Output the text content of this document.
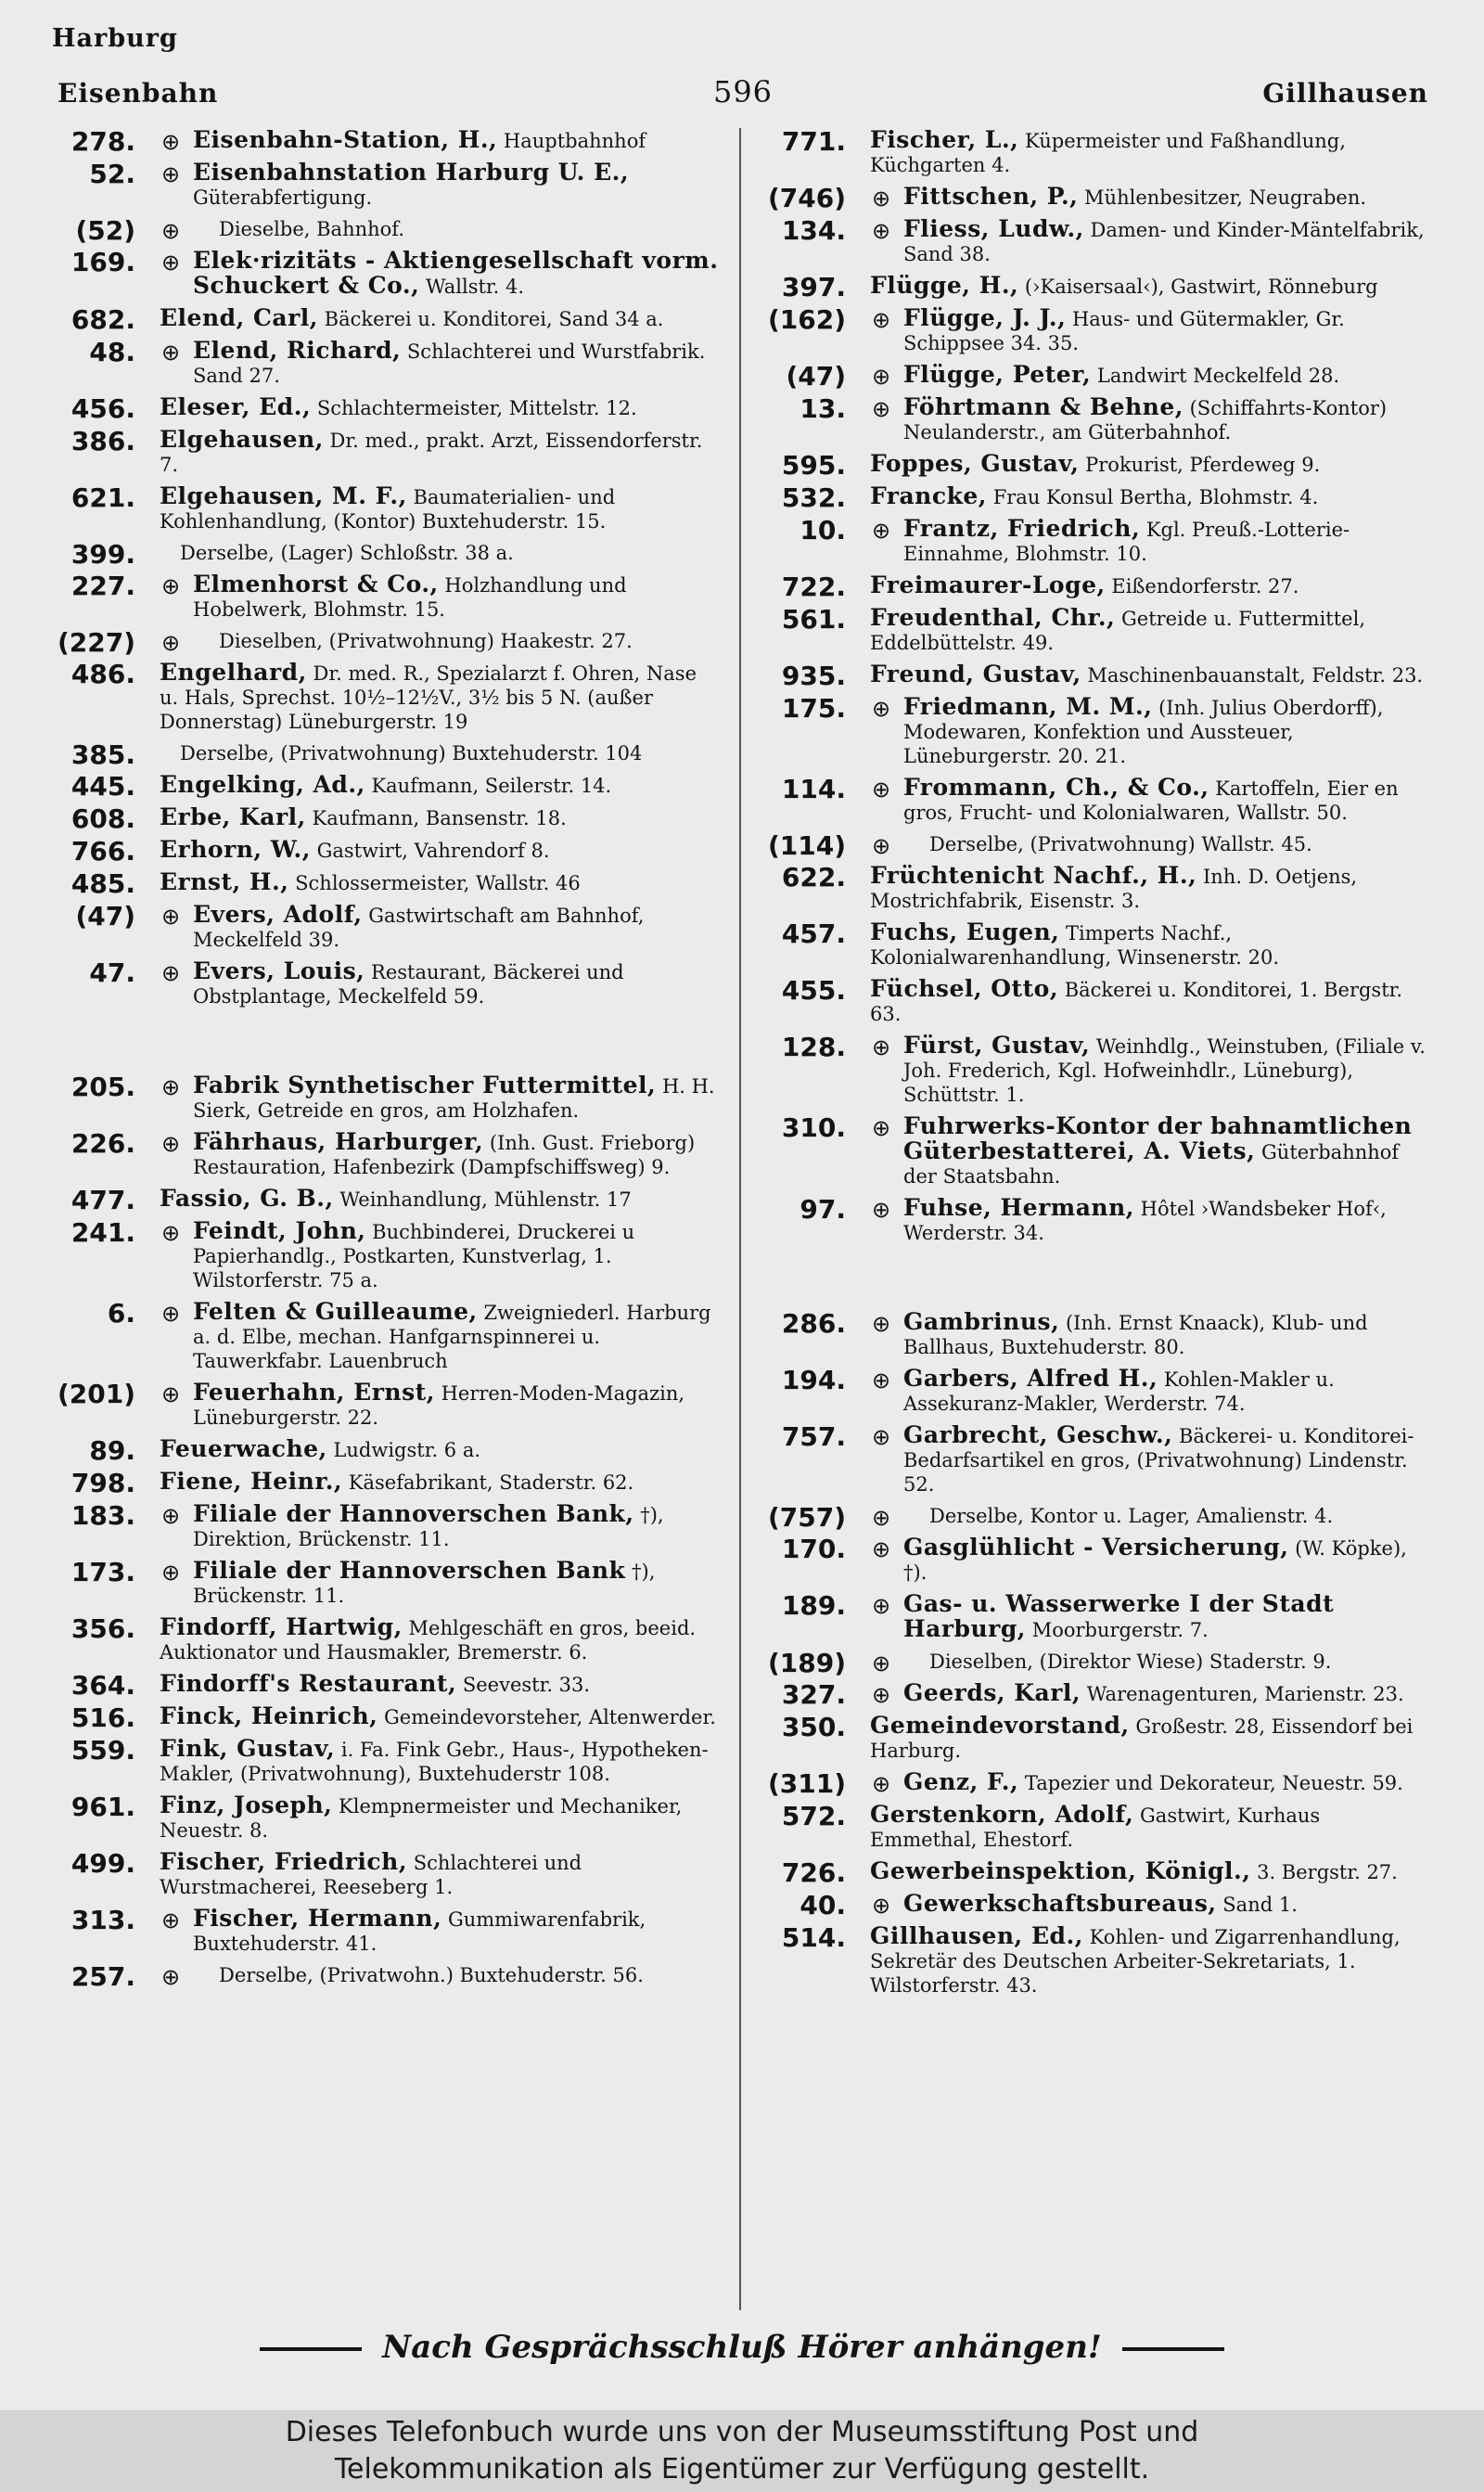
Harburg
Eisenbahn	596	Gillhausen
278. ⊕ Eisenbahn-Station, H., Hauptbahnhof
52. ⊕ Eisenbahnstation Harburg U. E., Güterabfertigung.
(52) ⊕ Dieselbe, Bahnhof.
169. ⊕ Elek·rizitäts - Aktiengesellschaft vorm. Schuckert & Co., Wallstr. 4.
682. Elend, Carl, Bäckerei u. Konditorei, Sand 34 a.
48. ⊕ Elend, Richard, Schlachterei und Wurstfabrik. Sand 27.
456. Eleser, Ed., Schlachtermeister, Mittelstr. 12.
386. Elgehausen, Dr. med., prakt. Arzt, Eissendorferstr. 7.
621. Elgehausen, M. F., Baumaterialien- und Kohlenhandlung, (Kontor) Buxtehuderstr. 15.
399. Derselbe, (Lager) Schloßstr. 38 a.
227. ⊕ Elmenhorst & Co., Holzhandlung und Hobelwerk, Blohmstr. 15.
(227) ⊕ Dieselben, (Privatwohnung) Haakestr. 27.
486. Engelhard, Dr. med. R., Spezialarzt f. Ohren, Nase u. Hals, Sprechst. 10½–12½V., 3½ bis 5 N. (außer Donnerstag) Lüneburgerstr. 19
385. Derselbe, (Privatwohnung) Buxtehuderstr. 104
445. Engelking, Ad., Kaufmann, Seilerstr. 14.
608. Erbe, Karl, Kaufmann, Bansenstr. 18.
766. Erhorn, W., Gastwirt, Vahrendorf 8.
485. Ernst, H., Schlossermeister, Wallstr. 46
(47) ⊕ Evers, Adolf, Gastwirtschaft am Bahnhof, Meckelfeld 39.
47. ⊕ Evers, Louis, Restaurant, Bäckerei und Obstplantage, Meckelfeld 59.
205. ⊕ Fabrik Synthetischer Futtermittel, H. H. Sierk, Getreide en gros, am Holzhafen.
226. ⊕ Fährhaus, Harburger, (Inh. Gust. Frieborg) Restauration, Hafenbezirk (Dampfschiffsweg) 9.
477. Fassio, G. B., Weinhandlung, Mühlenstr. 17
241. ⊕ Feindt, John, Buchbinderei, Druckerei u Papierhandlg., Postkarten, Kunstverlag, 1. Wilstorferstr. 75 a.
6. ⊕ Felten & Guilleaume, Zweigniederl. Harburg a. d. Elbe, mechan. Hanfgarnspinnerei u. Tauwerkfabr. Lauenbruch
(201) ⊕ Feuerhahn, Ernst, Herren-Moden-Magazin, Lüneburgerstr. 22.
89. Feuerwache, Ludwigstr. 6 a.
798. Fiene, Heinr., Käsefabrikant, Staderstr. 62.
183. ⊕ Filiale der Hannoverschen Bank, †), Direktion, Brückenstr. 11.
173. ⊕ Filiale der Hannoverschen Bank †), Brückenstr. 11.
356. Findorff, Hartwig, Mehlgeschäft en gros, beeid. Auktionator und Hausmakler, Bremerstr. 6.
364. Findorff's Restaurant, Seevestr. 33.
516. Finck, Heinrich, Gemeindevorsteher, Altenwerder.
559. Fink, Gustav, i. Fa. Fink Gebr., Haus-, Hypotheken-Makler, (Privatwohnung), Buxtehuderstr 108.
961. Finz, Joseph, Klempnermeister und Mechaniker, Neuestr. 8.
499. Fischer, Friedrich, Schlachterei und Wurstmacherei, Reeseberg 1.
313. ⊕ Fischer, Hermann, Gummiwarenfabrik, Buxtehuderstr. 41.
257. ⊕ Derselbe, (Privatwohn.) Buxtehuderstr. 56.
771. Fischer, L., Küpermeister und Faßhandlung, Küchgarten 4.
(746) ⊕ Fittschen, P., Mühlenbesitzer, Neugraben.
134. ⊕ Fliess, Ludw., Damen- und Kinder-Mäntelfabrik, Sand 38.
397. Flügge, H., (›Kaisersaal‹), Gastwirt, Rönneburg
(162) ⊕ Flügge, J. J., Haus- und Gütermakler, Gr. Schippsee 34. 35.
(47) ⊕ Flügge, Peter, Landwirt Meckelfeld 28.
13. ⊕ Föhrtmann & Behne, (Schiffahrts-Kontor) Neulanderstr., am Güterbahnhof.
595. Foppes, Gustav, Prokurist, Pferdeweg 9.
532. Francke, Frau Konsul Bertha, Blohmstr. 4.
10. ⊕ Frantz, Friedrich, Kgl. Preuß.-Lotterie-Einnahme, Blohmstr. 10.
722. Freimaurer-Loge, Eißendorferstr. 27.
561. Freudenthal, Chr., Getreide u. Futtermittel, Eddelbüttelstr. 49.
935. Freund, Gustav, Maschinenbauanstalt, Feldstr. 23.
175. ⊕ Friedmann, M. M., (Inh. Julius Oberdorff), Modewaren, Konfektion und Aussteuer, Lüneburgerstr. 20. 21.
114. ⊕ Frommann, Ch., & Co., Kartoffeln, Eier en gros, Frucht- und Kolonialwaren, Wallstr. 50.
(114) ⊕ Derselbe, (Privatwohnung) Wallstr. 45.
622. Früchtenicht Nachf., H., Inh. D. Oetjens, Mostrichfabrik, Eisenstr. 3.
457. Fuchs, Eugen, Timperts Nachf., Kolonialwarenhandlung, Winsenerstr. 20.
455. Füchsel, Otto, Bäckerei u. Konditorei, 1. Bergstr. 63.
128. ⊕ Fürst, Gustav, Weinhdlg., Weinstuben, (Filiale v. Joh. Frederich, Kgl. Hofweinhdlr., Lüneburg), Schüttstr. 1.
310. ⊕ Fuhrwerks-Kontor der bahnamtlichen Güterbestatterei, A. Viets, Güterbahnhof der Staatsbahn.
97. ⊕ Fuhse, Hermann, Hôtel ›Wandsbeker Hof‹, Werderstr. 34.
286. ⊕ Gambrinus, (Inh. Ernst Knaack), Klub- und Ballhaus, Buxtehuderstr. 80.
194. ⊕ Garbers, Alfred H., Kohlen-Makler u. Assekuranz-Makler, Werderstr. 74.
757. ⊕ Garbrecht, Geschw., Bäckerei- u. Konditorei-Bedarfsartikel en gros, (Privatwohnung) Lindenstr. 52.
(757) ⊕ Derselbe, Kontor u. Lager, Amalienstr. 4.
170. ⊕ Gasglühlicht - Versicherung, (W. Köpke), †).
189. ⊕ Gas- u. Wasserwerke I der Stadt Harburg, Moorburgerstr. 7.
(189) ⊕ Dieselben, (Direktor Wiese) Staderstr. 9.
327. ⊕ Geerds, Karl, Warenagenturen, Marienstr. 23.
350. Gemeindevorstand, Großestr. 28, Eissendorf bei Harburg.
(311) ⊕ Genz, F., Tapezier und Dekorateur, Neuestr. 59.
572. Gerstenkorn, Adolf, Gastwirt, Kurhaus Emmethal, Ehestorf.
726. Gewerbeinspektion, Königl., 3. Bergstr. 27.
40. ⊕ Gewerkschaftsbureaus, Sand 1.
514. Gillhausen, Ed., Kohlen- und Zigarrenhandlung, Sekretär des Deutschen Arbeiter-Sekretariats, 1. Wilstorferstr. 43.
Nach Gesprächsschluß Hörer anhängen!
Dieses Telefonbuch wurde uns von der Museumsstiftung Post und
Telekommunikation als Eigentümer zur Verfügung gestellt.
